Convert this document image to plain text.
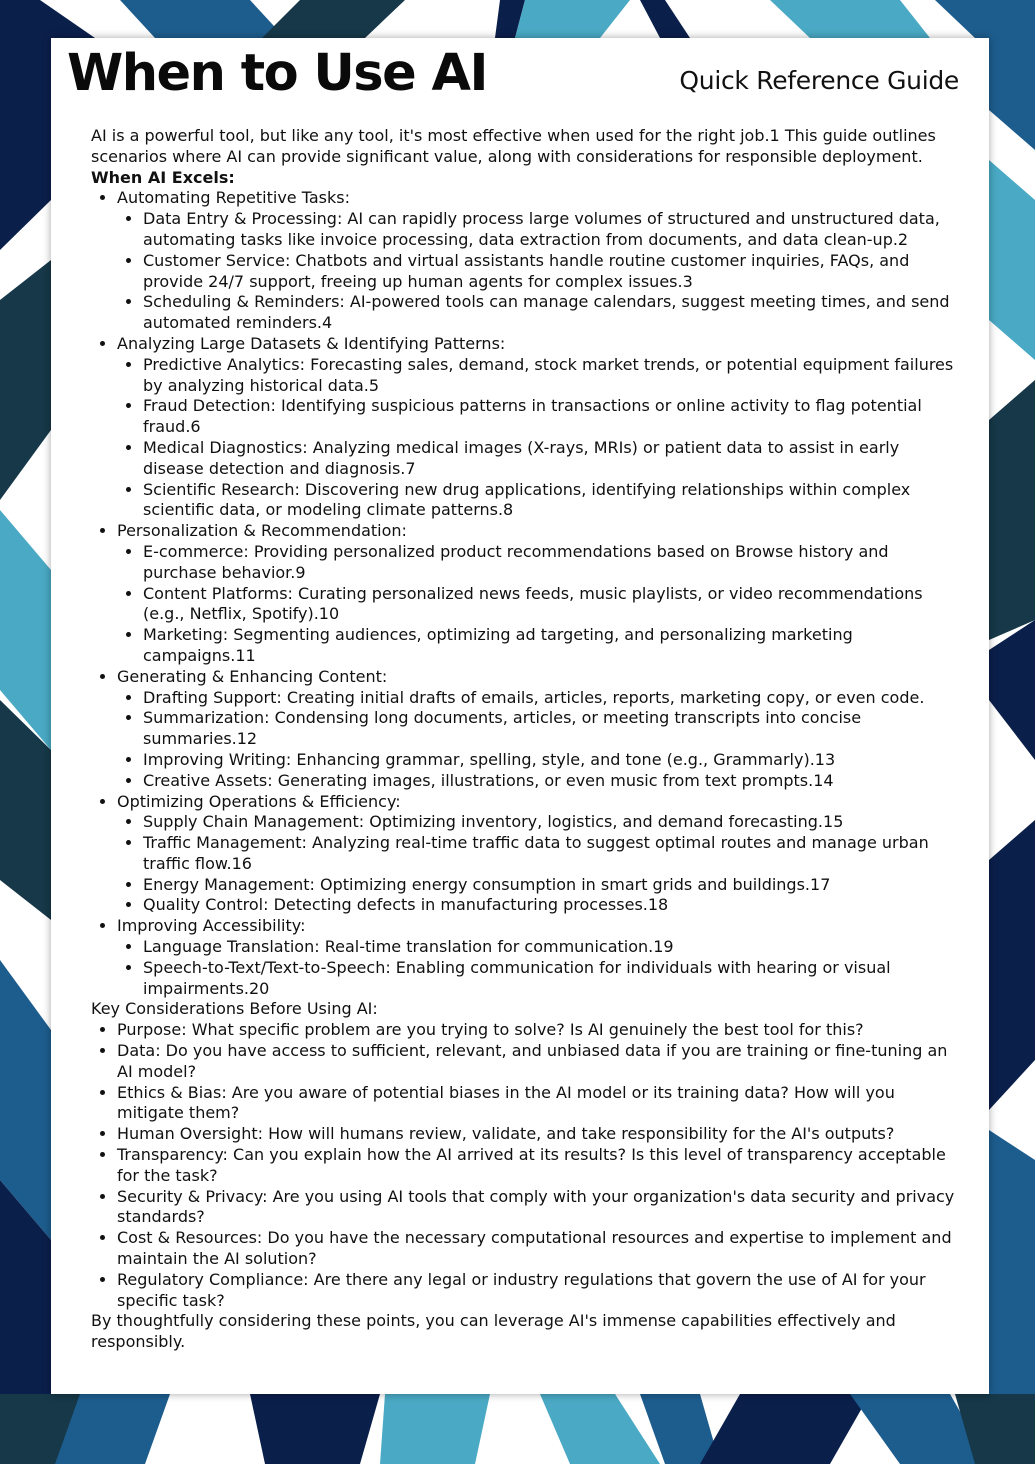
When to Use AI	Quick Reference Guide

AI is a powerful tool, but like any tool, it's most effective when used for the right job.1 This guide outlines scenarios where AI can provide significant value, along with considerations for responsible deployment.

When AI Excels:

• Automating Repetitive Tasks:
• Data Entry & Processing: AI can rapidly process large volumes of structured and unstructured data, automating tasks like invoice processing, data extraction from documents, and data clean-up.2
• Customer Service: Chatbots and virtual assistants handle routine customer inquiries, FAQs, and provide 24/7 support, freeing up human agents for complex issues.3
• Scheduling & Reminders: AI-powered tools can manage calendars, suggest meeting times, and send automated reminders.4
• Analyzing Large Datasets & Identifying Patterns:
• Predictive Analytics: Forecasting sales, demand, stock market trends, or potential equipment failures by analyzing historical data.5
• Fraud Detection: Identifying suspicious patterns in transactions or online activity to flag potential fraud.6
• Medical Diagnostics: Analyzing medical images (X-rays, MRIs) or patient data to assist in early disease detection and diagnosis.7
• Scientific Research: Discovering new drug applications, identifying relationships within complex scientific data, or modeling climate patterns.8
• Personalization & Recommendation:
• E-commerce: Providing personalized product recommendations based on Browse history and purchase behavior.9
• Content Platforms: Curating personalized news feeds, music playlists, or video recommendations (e.g., Netflix, Spotify).10
• Marketing: Segmenting audiences, optimizing ad targeting, and personalizing marketing campaigns.11
• Generating & Enhancing Content:
• Drafting Support: Creating initial drafts of emails, articles, reports, marketing copy, or even code.
• Summarization: Condensing long documents, articles, or meeting transcripts into concise summaries.12
• Improving Writing: Enhancing grammar, spelling, style, and tone (e.g., Grammarly).13
• Creative Assets: Generating images, illustrations, or even music from text prompts.14
• Optimizing Operations & Efficiency:
• Supply Chain Management: Optimizing inventory, logistics, and demand forecasting.15
• Traffic Management: Analyzing real-time traffic data to suggest optimal routes and manage urban traffic flow.16
• Energy Management: Optimizing energy consumption in smart grids and buildings.17
• Quality Control: Detecting defects in manufacturing processes.18
• Improving Accessibility:
• Language Translation: Real-time translation for communication.19
• Speech-to-Text/Text-to-Speech: Enabling communication for individuals with hearing or visual impairments.20

Key Considerations Before Using AI:

• Purpose: What specific problem are you trying to solve? Is AI genuinely the best tool for this?
• Data: Do you have access to sufficient, relevant, and unbiased data if you are training or fine-tuning an AI model?
• Ethics & Bias: Are you aware of potential biases in the AI model or its training data? How will you mitigate them?
• Human Oversight: How will humans review, validate, and take responsibility for the AI's outputs?
• Transparency: Can you explain how the AI arrived at its results? Is this level of transparency acceptable for the task?
• Security & Privacy: Are you using AI tools that comply with your organization's data security and privacy standards?
• Cost & Resources: Do you have the necessary computational resources and expertise to implement and maintain the AI solution?
• Regulatory Compliance: Are there any legal or industry regulations that govern the use of AI for your specific task?

By thoughtfully considering these points, you can leverage AI's immense capabilities effectively and responsibly.
